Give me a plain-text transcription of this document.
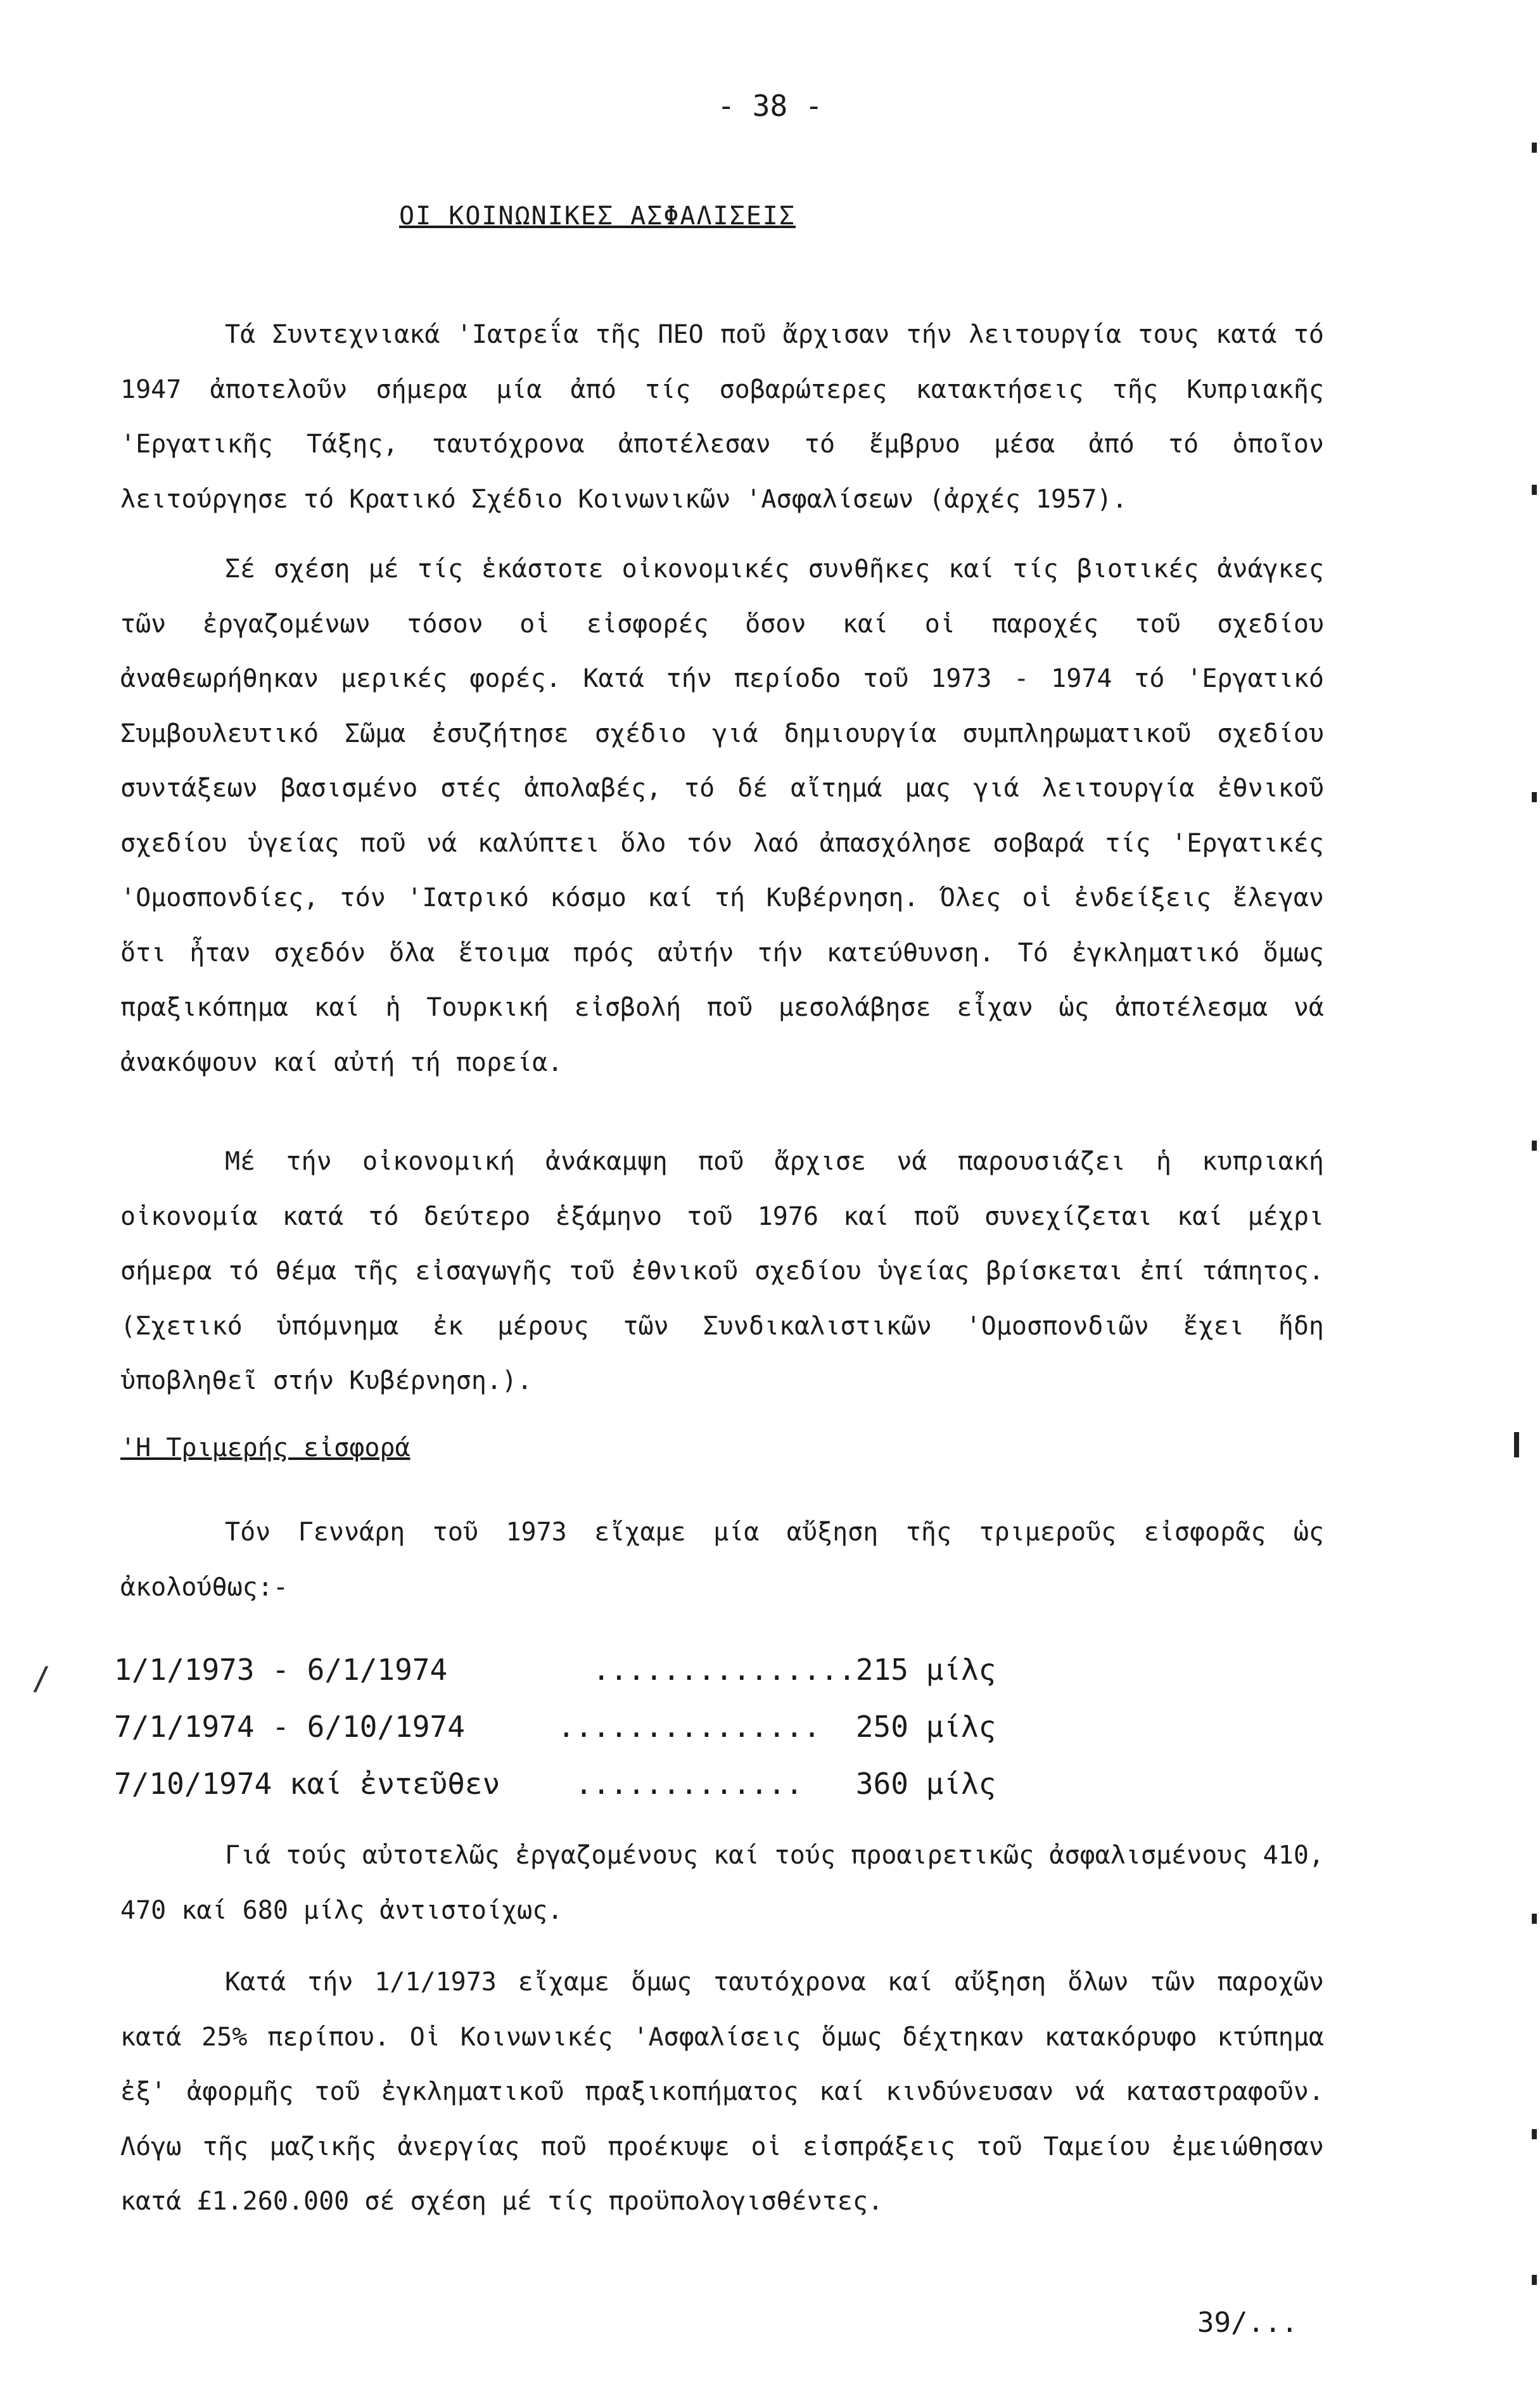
- 38 -
ΟΙ ΚΟΙΝΩΝΙΚΕΣ ΑΣΦΑΛΙΣΕΙΣ

Τά Συντεχνιακά 'Ιατρεΐα τῆς ΠΕΟ ποῦ ἄρχισαν τήν λειτουργία τους κατά τό 1947 ἀποτελοῦν σήμερα μία ἀπό τίς σοβαρώτερες κατακτήσεις τῆς Κυπριακῆς 'Εργατικῆς Τάξης, ταυτόχρονα ἀποτέλεσαν τό ἔμβρυο μέσα ἀπό τό ὁποῖον λειτούργησε τό Κρατικό Σχέδιο Κοινωνικῶν 'Ασφαλίσεων (ἀρχές 1957).

Σέ σχέση μέ τίς ἑκάστοτε οἰκονομικές συνθῆκες καί τίς βιοτικές ἀνάγκες τῶν ἐργαζομένων τόσον οἱ εἰσφορές ὅσον καί οἱ παροχές τοῦ σχεδίου ἀναθεωρήθηκαν μερικές φορές. Κατά τήν περίοδο τοῦ 1973 - 1974 τό 'Εργατικό Συμβουλευτικό Σῶμα ἐσυζήτησε σχέδιο γιά δημιουργία συμπληρωματικοῦ σχεδίου συντάξεων βασισμένο στές ἀπολαβές, τό δέ αἴτημά μας γιά λειτουργία ἐθνικοῦ σχεδίου ὑγείας ποῦ νά καλύπτει ὅλο τόν λαό ἀπασχόλησε σοβαρά τίς 'Εργατικές 'Ομοσπονδίες, τόν 'Ιατρικό κόσμο καί τή Κυβέρνηση. Όλες οἱ ἐνδείξεις ἔλεγαν ὅτι ἦταν σχεδόν ὅλα ἕτοιμα πρός αὐτήν τήν κατεύθυνση. Τό ἐγκληματικό ὅμως πραξικόπημα καί ἡ Τουρκική εἰσβολή ποῦ μεσολάβησε εἶχαν ὡς ἀποτέλεσμα νά ἀνακόψουν καί αὐτή τή πορεία.

Μέ τήν οἰκονομική ἀνάκαμψη ποῦ ἄρχισε νά παρουσιάζει ἡ κυπριακή οἰκονομία κατά τό δεύτερο ἑξάμηνο τοῦ 1976 καί ποῦ συνεχίζεται καί μέχρι σήμερα τό θέμα τῆς εἰσαγωγῆς τοῦ ἐθνικοῦ σχεδίου ὑγείας βρίσκεται ἐπί τάπητος. (Σχετικό ὑπόμνημα ἐκ μέρους τῶν Συνδικαλιστικῶν 'Ομοσπονδιῶν ἔχει ἤδη ὑποβληθεῖ στήν Κυβέρνηση.).

'Η Τριμερής εἰσφορά

Τόν Γεννάρη τοῦ 1973 εἴχαμε μία αὔξηση τῆς τριμεροῦς εἰσφορᾶς ὡς ἀκολούθως:-

1/1/1973 - 6/1/1974	...............	215 μίλς
7/1/1974 - 6/10/1974	...............	250 μίλς
7/10/1974 καί ἐντεῦθεν	.............	360 μίλς

Γιά τούς αὐτοτελῶς ἐργαζομένους καί τούς προαιρετικῶς ἀσφαλισμένους 410, 470 καί 680 μίλς ἀντιστοίχως.

Κατά τήν 1/1/1973 εἴχαμε ὅμως ταυτόχρονα καί αὔξηση ὅλων τῶν παροχῶν κατά 25% περίπου. Οἱ Κοινωνικές 'Ασφαλίσεις ὅμως δέχτηκαν κατακόρυφο κτύπημα ἐξ' ἀφορμῆς τοῦ ἐγκληματικοῦ πραξικοπήματος καί κινδύνευσαν νά καταστραφοῦν. Λόγω τῆς μαζικῆς ἀνεργίας ποῦ προέκυψε οἱ εἰσπράξεις τοῦ Ταμείου ἐμειώθησαν κατά £1.260.000 σέ σχέση μέ τίς προϋπολογισθέντες.

39/...
/
